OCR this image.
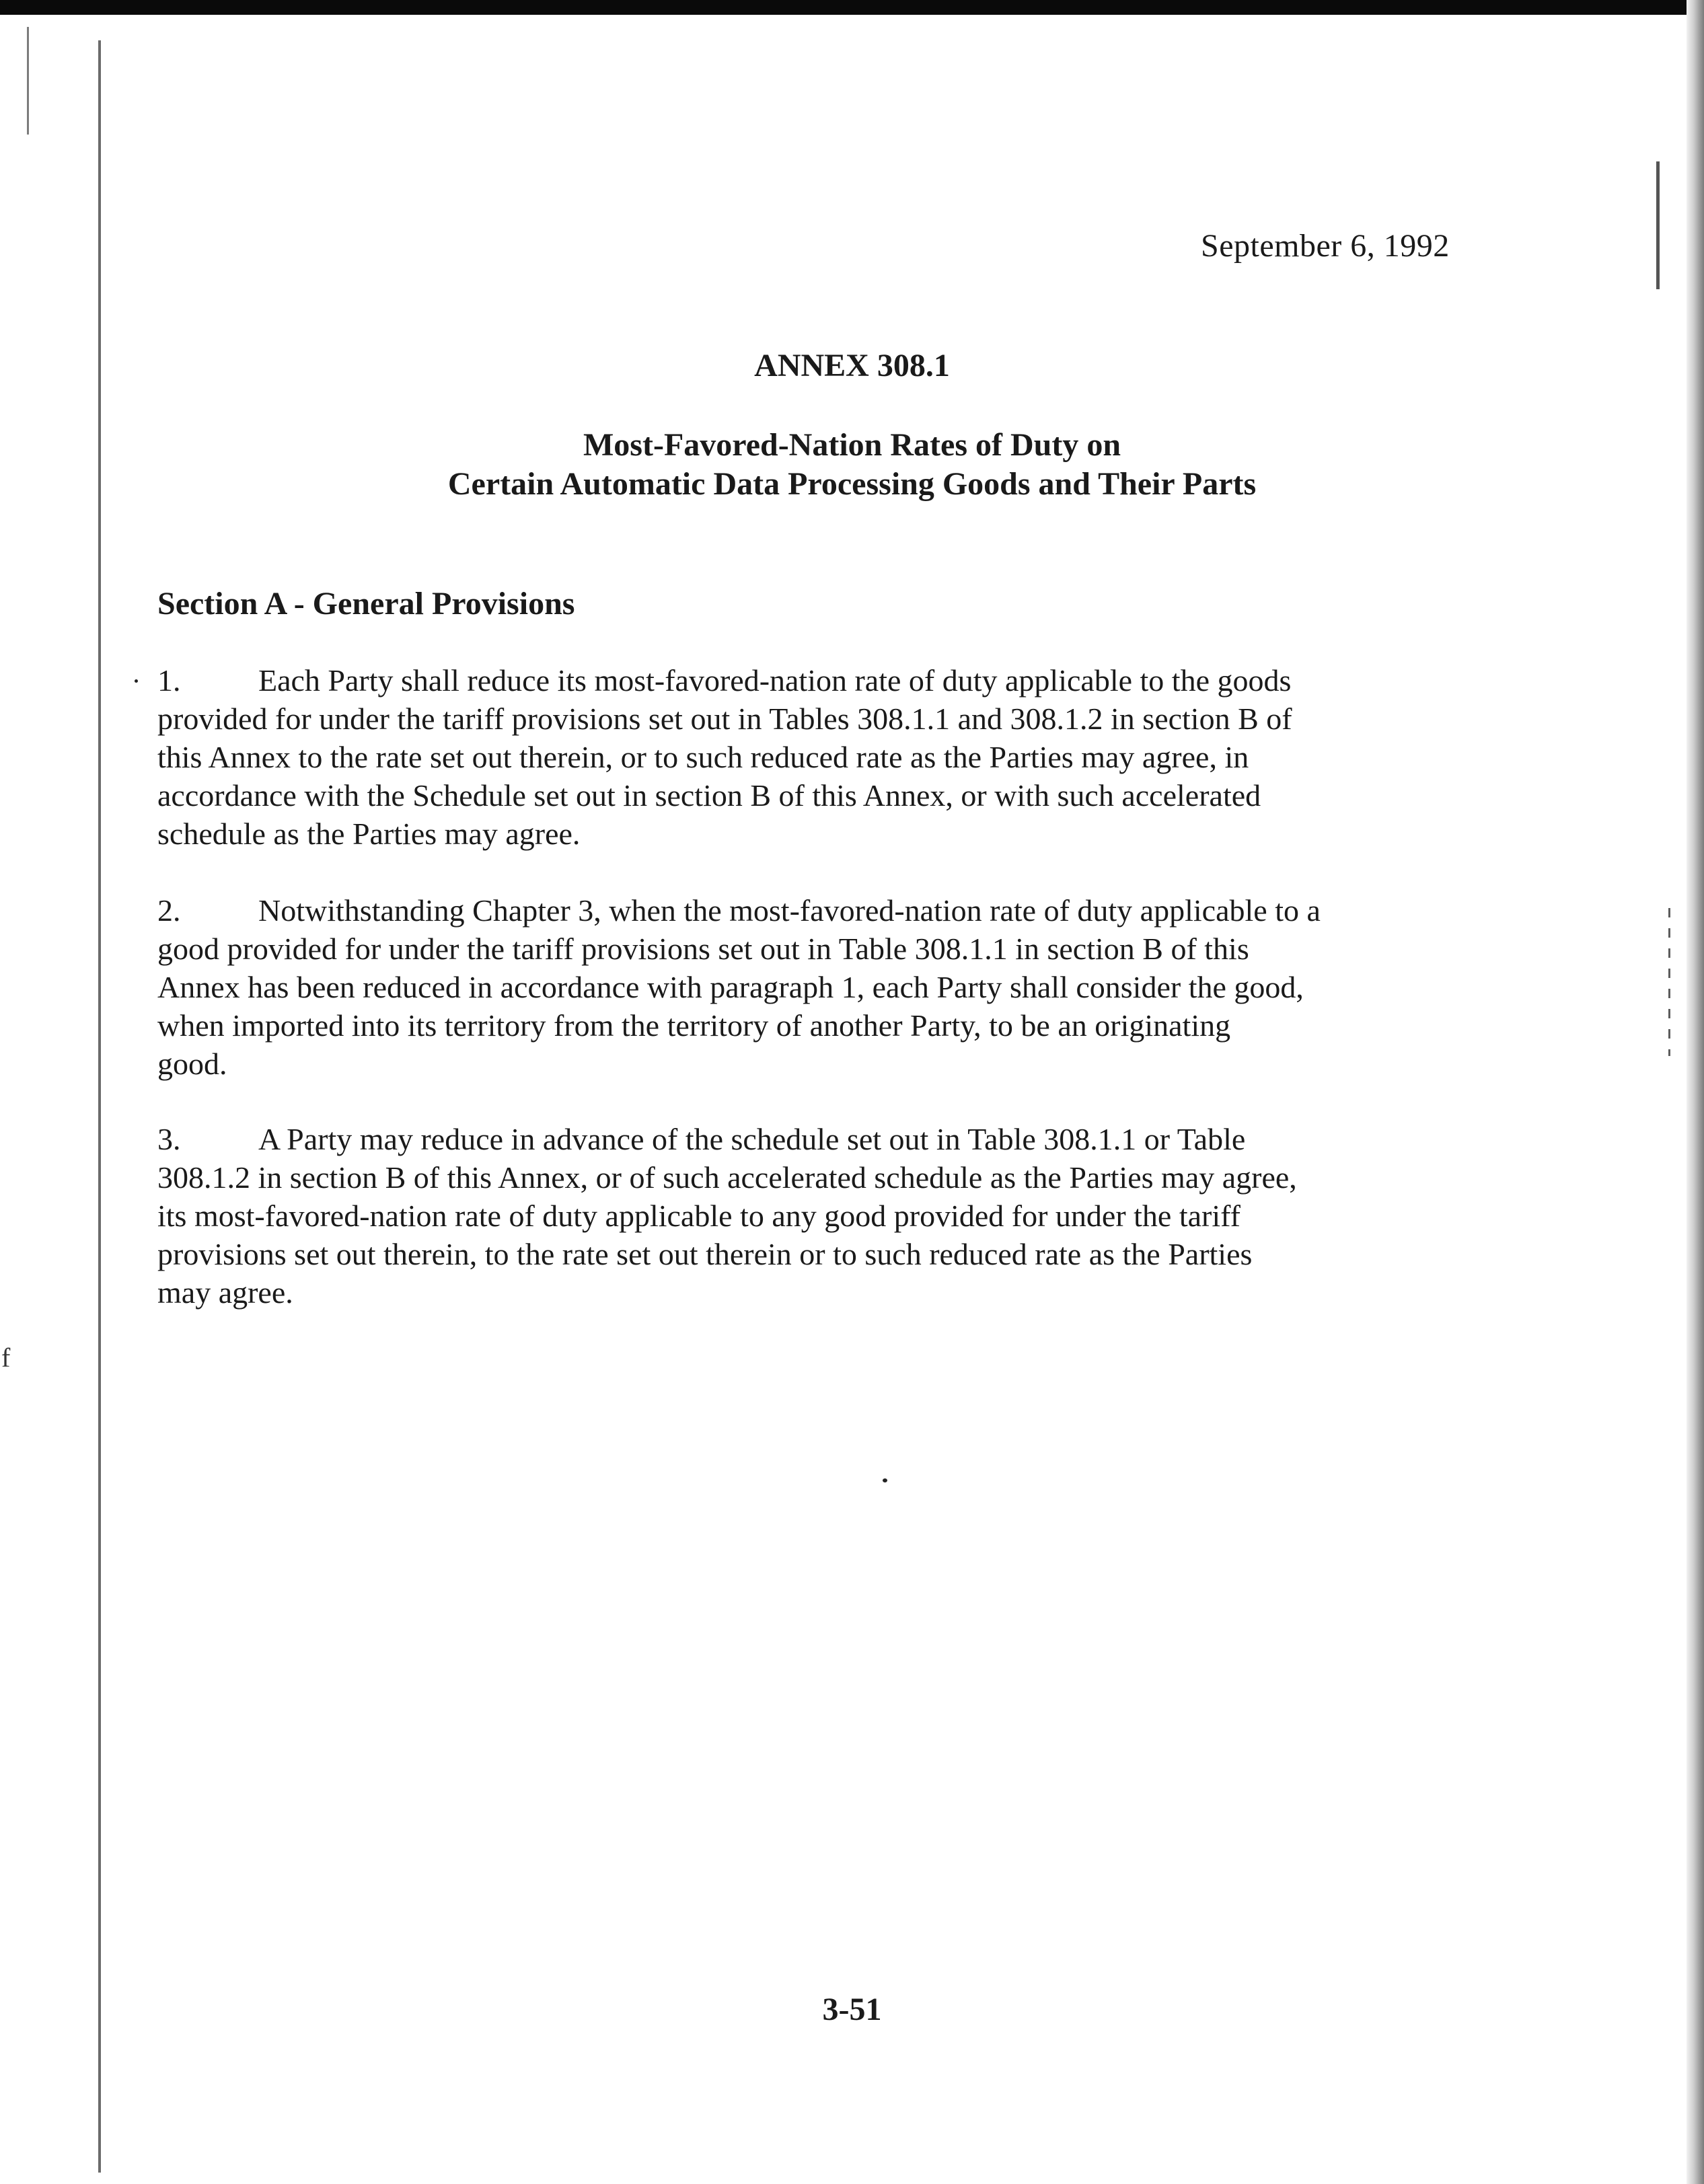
f
September 6, 1992
ANNEX 308.1
Most-Favored-Nation Rates of Duty on
Certain Automatic Data Processing Goods and Their Parts
Section A - General Provisions
1.	Each Party shall reduce its most-favored-nation rate of duty applicable to the goods
provided for under the tariff provisions set out in Tables 308.1.1 and 308.1.2 in section B of
this Annex to the rate set out therein, or to such reduced rate as the Parties may agree, in
accordance with the Schedule set out in section B of this Annex, or with such accelerated
schedule as the Parties may agree.
2.	Notwithstanding Chapter 3, when the most-favored-nation rate of duty applicable to a
good provided for under the tariff provisions set out in Table 308.1.1 in section B of this
Annex has been reduced in accordance with paragraph 1, each Party shall consider the good,
when imported into its territory from the territory of another Party, to be an originating
good.
3.	A Party may reduce in advance of the schedule set out in Table 308.1.1 or Table
308.1.2 in section B of this Annex, or of such accelerated schedule as the Parties may agree,
its most-favored-nation rate of duty applicable to any good provided for under the tariff
provisions set out therein, to the rate set out therein or to such reduced rate as the Parties
may agree.
3-51
